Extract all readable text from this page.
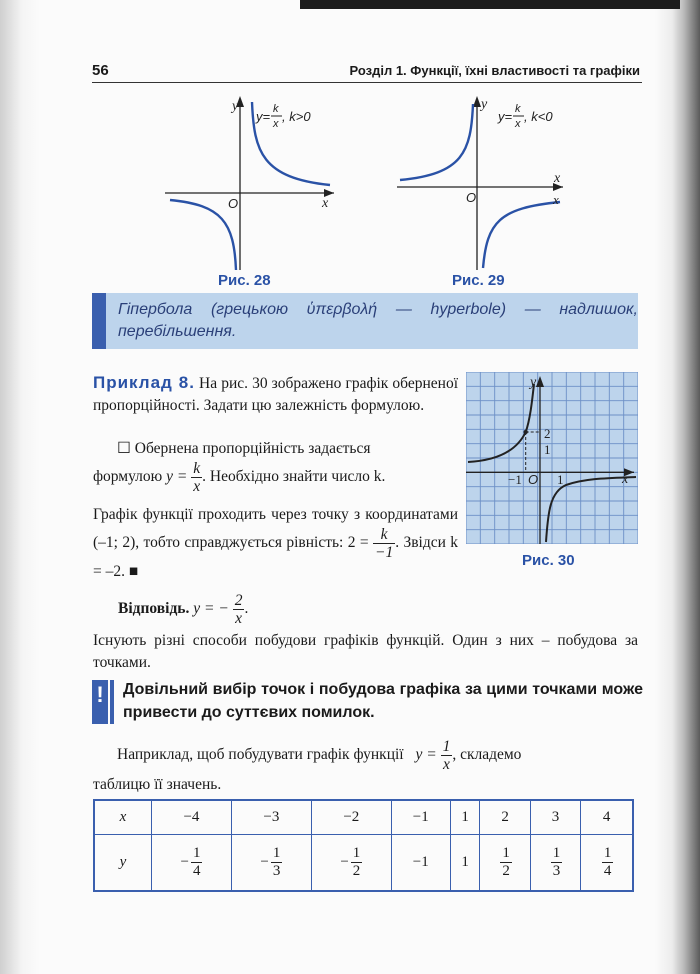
56	Розділ 1. Функції, їхні властивості та графіки
y
x
O
y= k
x , k>0
Рис. 28
y
x
x
O
y= k
x , k<0
Рис. 29
Гіпербола (грецькою ὑπερβολή — hyperbole) — надлишок, перебільшення.
Приклад 8. На рис. 30 зображено графік оберненої пропорційності. Задати цю залежність формулою.
☐ Обернена пропорційність задається
формулою $y = \frac{k}{x}$ . Необхідно знайти число k.
Графік функції проходить через точку з координатами (–1; 2), тобто справджується рівність: $2 = \frac{k}{-1}$ . Звідси k = –2. ■
Відповідь. y = − $\frac{2}{x}$ .
y
x
O
2
1
−1	1
Рис. 30
Існують різні способи побудови графіків функцій. Один з них – побудова за точками.
! Довільний вибір точок і побудова графіка за цими точками може привести до суттєвих помилок.
Наприклад, щоб побудувати графік функції $y = \frac{1}{x}$ , складемо
таблицю її значень.
x	−4	−3	−2	−1	1	2	3	4
y	− $\frac{1}{4}$	− $\frac{1}{3}$	− $\frac{1}{2}$	−1	1	$\frac{1}{2}$	$\frac{1}{3}$	$\frac{1}{4}$
